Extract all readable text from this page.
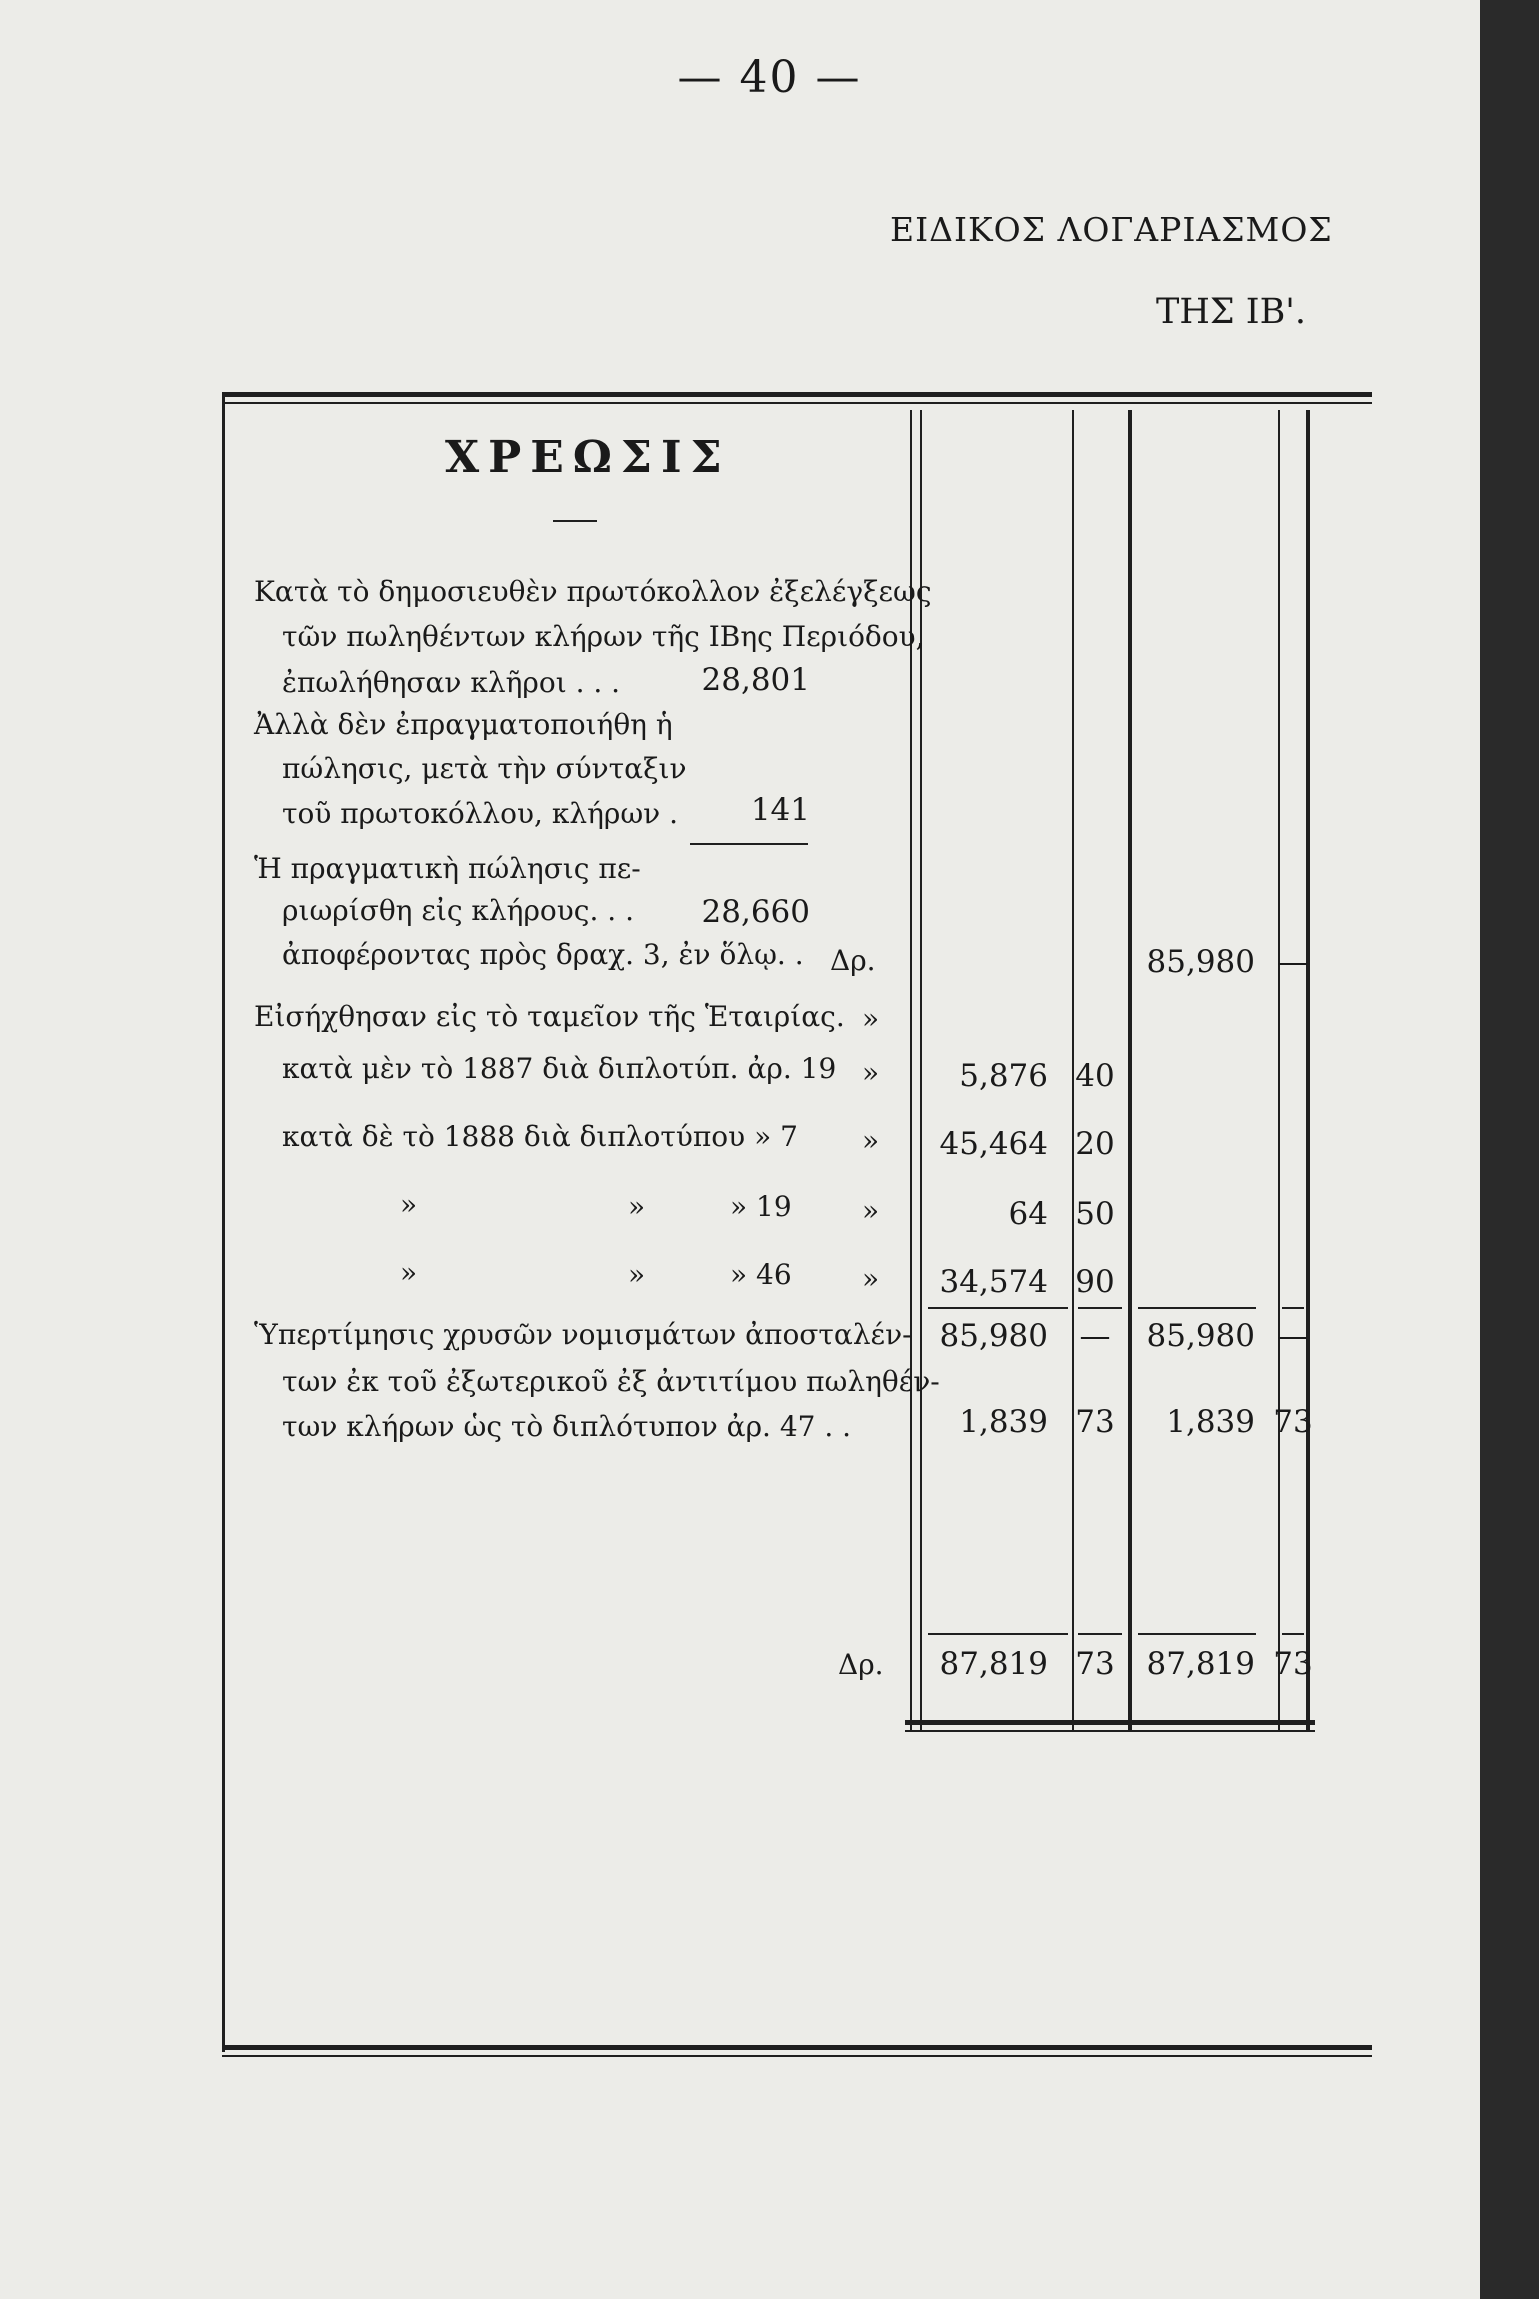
— 40 —
ΕΙΔΙΚΟΣ ΛΟΓΑΡΙΑΣΜΟΣ
ΤΗΣ ΙΒ'.
ΧΡΕΩΣΙΣ
Κατὰ τὸ δημοσιευθὲν πρωτόκολλον ἐξελέγξεως
τῶν πωληθέντων κλήρων τῆς ΙΒης Περιόδου,
ἐπωλήθησαν κλῆροι . . .	28,801
Ἀλλὰ δὲν ἐπραγματοποιήθη ἡ
πώλησις, μετὰ τὴν σύνταξιν
τοῦ πρωτοκόλλου, κλήρων .	141
Ἡ πραγματικὴ πώλησις πε-
ριωρίσθη εἰς κλήρους. . . 28,660
ἀποφέροντας πρὸς δραχ. 3, ἐν ὅλῳ. . Δρ.	85,980 —
Εἰσήχθησαν εἰς τὸ ταμεῖον τῆς Ἑταιρίας. »
κατὰ μὲν τὸ 1887 διὰ διπλοτύπ. ἀρ. 19 »	5,876 40
κατὰ δὲ τὸ 1888 διὰ διπλοτύπου » 7 »	45,464 20
»	»	» 19	»	64 50
»	»	» 46	»	34,574 90
Ὑπερτίμησις χρυσῶν νομισμάτων ἀποσταλέν- 85,980 — 85,980 —
των ἐκ τοῦ ἐξωτερικοῦ ἐξ ἀντιτίμου πωληθέν-
των κλήρων ὡς τὸ διπλότυπον ἀρ. 47 . .	1,839 73	1,839 73
Δρ.	87,819 73 87,819 73
